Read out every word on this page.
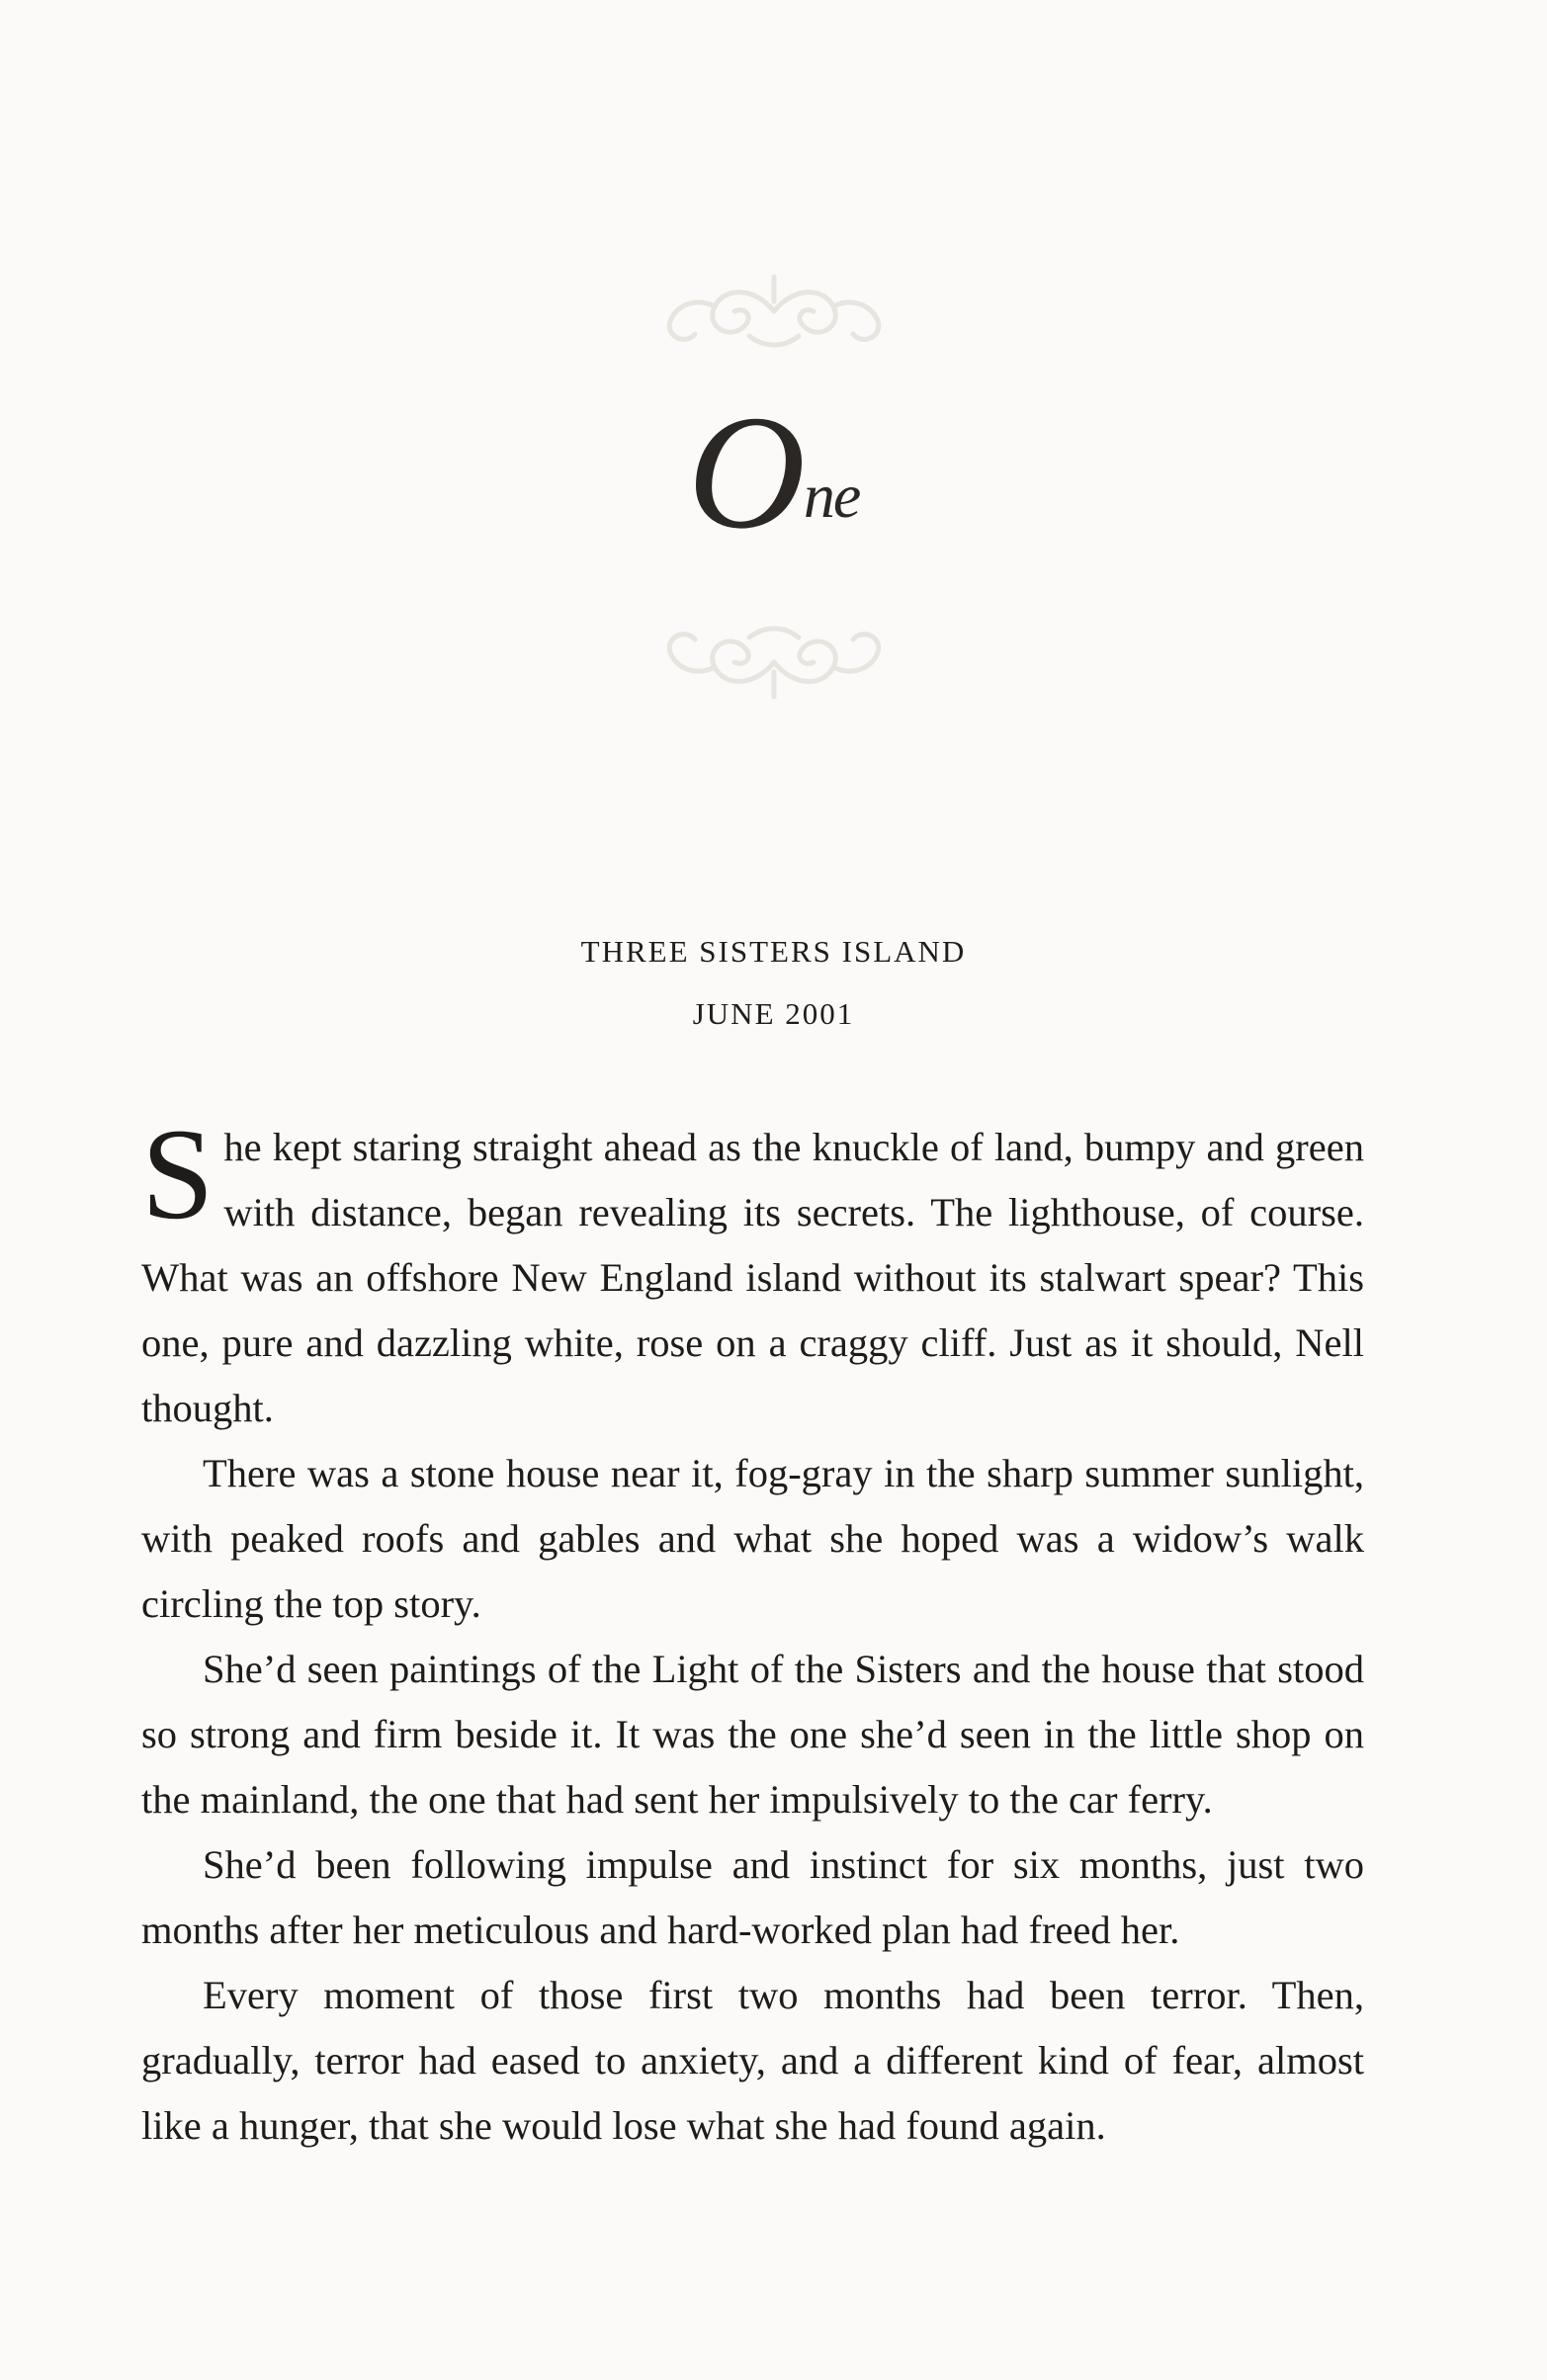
One
THREE SISTERS ISLAND
JUNE 2001

She kept staring straight ahead as the knuckle of land, bumpy and green with distance, began revealing its secrets. The lighthouse, of course. What was an offshore New England island without its stalwart spear? This one, pure and dazzling white, rose on a craggy cliff. Just as it should, Nell thought.

There was a stone house near it, fog-gray in the sharp summer sunlight, with peaked roofs and gables and what she hoped was a widow’s walk circling the top story.

She’d seen paintings of the Light of the Sisters and the house that stood so strong and firm beside it. It was the one she’d seen in the little shop on the mainland, the one that had sent her impulsively to the car ferry.

She’d been following impulse and instinct for six months, just two months after her meticulous and hard-worked plan had freed her.

Every moment of those first two months had been terror. Then, gradually, terror had eased to anxiety, and a different kind of fear, almost like a hunger, that she would lose what she had found again.
